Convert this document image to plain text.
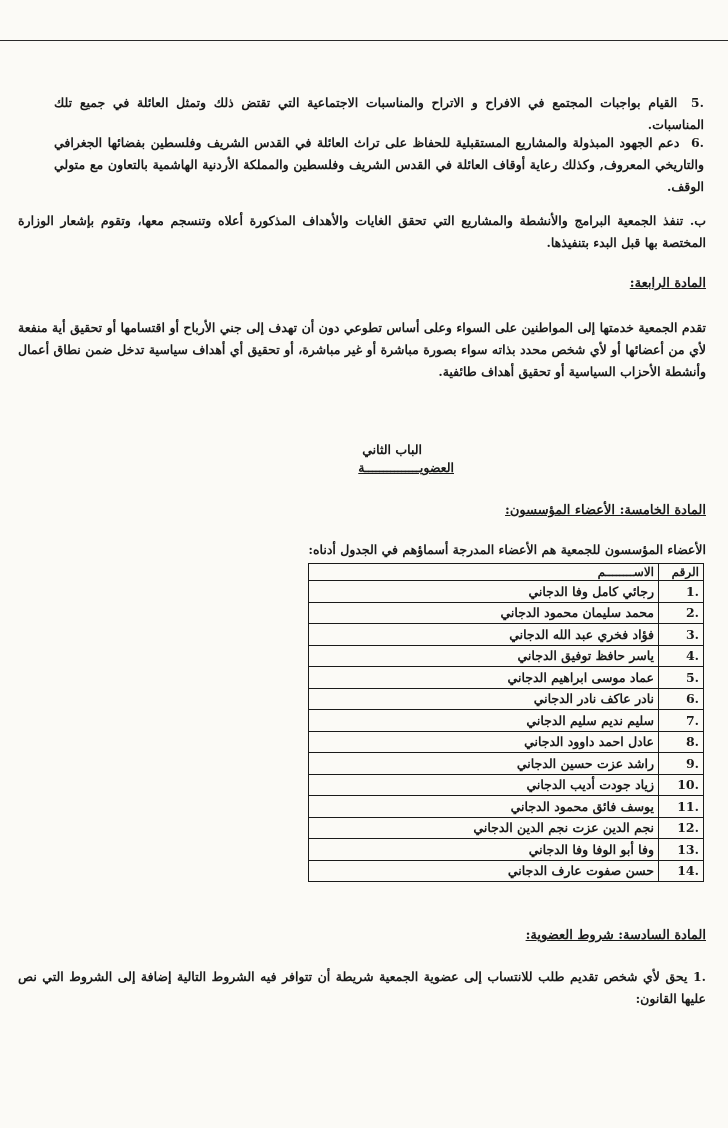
.5 القيام بواجبات المجتمع في الافراح و الاتراح والمناسبات الاجتماعية التي تقتض ذلك وتمثل العائلة في جميع تلك المناسبات.
.6 دعم الجهود المبذولة والمشاريع المستقبلية للحفاظ على تراث العائلة في القدس الشريف وفلسطين بفضائها الجغرافي والتاريخي المعروف, وكذلك رعاية أوقاف العائلة في القدس الشريف وفلسطين والمملكة الأردنية الهاشمية بالتعاون مع متولي الوقف.
ب. تنفذ الجمعية البرامج والأنشطة والمشاريع التي تحقق الغايات والأهداف المذكورة أعلاه وتنسجم معها، وتقوم بإشعار الوزارة المختصة بها قبل البدء بتنفيذها.
المادة الرابعة:
تقدم الجمعية خدمتها إلى المواطنين على السواء وعلى أساس تطوعي دون أن تهدف إلى جني الأرباح أو اقتسامها أو تحقيق أية منفعة لأي من أعضائها أو لأي شخص محدد بذاته سواء بصورة مباشرة أو غير مباشرة، أو تحقيق أي أهداف سياسية تدخل ضمن نطاق أعمال وأنشطة الأحزاب السياسية أو تحقيق أهداف طائفية.
الباب الثاني
العضويـــــــــــــــة
المادة الخامسة: الأعضاء المؤسسون:
الأعضاء المؤسسون للجمعية هم الأعضاء المدرجة أسماؤهم في الجدول أدناه:
الرقم	الاســــــــم
.1	رجائي كامل وفا الدجاني
.2	محمد سليمان محمود الدجاني
.3	فؤاد فخري عبد الله الدجاني
.4	ياسر حافظ توفيق الدجاني
.5	عماد موسى ابراهيم الدجاني
.6	نادر عاكف نادر الدجاني
.7	سليم نديم سليم الدجاني
.8	عادل احمد داوود الدجاني
.9	راشد عزت حسين الدجاني
.10	زياد جودت أديب الدجاني
.11	يوسف فائق محمود الدجاني
.12	نجم الدين عزت نجم الدين الدجاني
.13	وفا أبو الوفا وفا الدجاني
.14	حسن صفوت عارف الدجاني
المادة السادسة: شروط العضوية:
.1 يحق لأي شخص تقديم طلب للانتساب إلى عضوية الجمعية شريطة أن تتوافر فيه الشروط التالية إضافة إلى الشروط التي نص عليها القانون:
